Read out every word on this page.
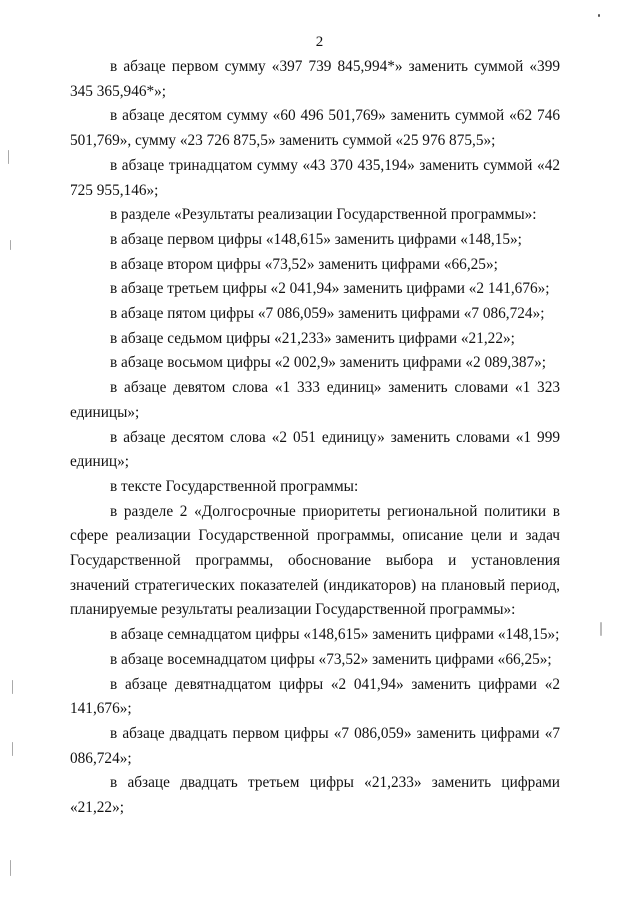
2

в абзаце первом сумму «397 739 845,994*» заменить суммой «399 345 365,946*»;

в абзаце десятом сумму «60 496 501,769» заменить суммой «62 746 501,769», сумму «23 726 875,5» заменить суммой «25 976 875,5»;

в абзаце тринадцатом сумму «43 370 435,194» заменить суммой «42 725 955,146»;

в разделе «Результаты реализации Государственной программы»:

в абзаце первом цифры «148,615» заменить цифрами «148,15»;

в абзаце втором цифры «73,52» заменить цифрами «66,25»;

в абзаце третьем цифры «2 041,94» заменить цифрами «2 141,676»;

в абзаце пятом цифры «7 086,059» заменить цифрами «7 086,724»;

в абзаце седьмом цифры «21,233» заменить цифрами «21,22»;

в абзаце восьмом цифры «2 002,9» заменить цифрами «2 089,387»;

в абзаце девятом слова «1 333 единиц» заменить словами «1 323 единицы»;

в абзаце десятом слова «2 051 единицу» заменить словами «1 999 единиц»;

в тексте Государственной программы:

в разделе 2 «Долгосрочные приоритеты региональной политики в сфере реализации Государственной программы, описание цели и задач Государственной программы, обоснование выбора и установления значений стратегических показателей (индикаторов) на плановый период, планируемые результаты реализации Государственной программы»:

в абзаце семнадцатом цифры «148,615» заменить цифрами «148,15»;

в абзаце восемнадцатом цифры «73,52» заменить цифрами «66,25»;

в абзаце девятнадцатом цифры «2 041,94» заменить цифрами «2 141,676»;

в абзаце двадцать первом цифры «7 086,059» заменить цифрами «7 086,724»;

в абзаце двадцать третьем цифры «21,233» заменить цифрами «21,22»;
